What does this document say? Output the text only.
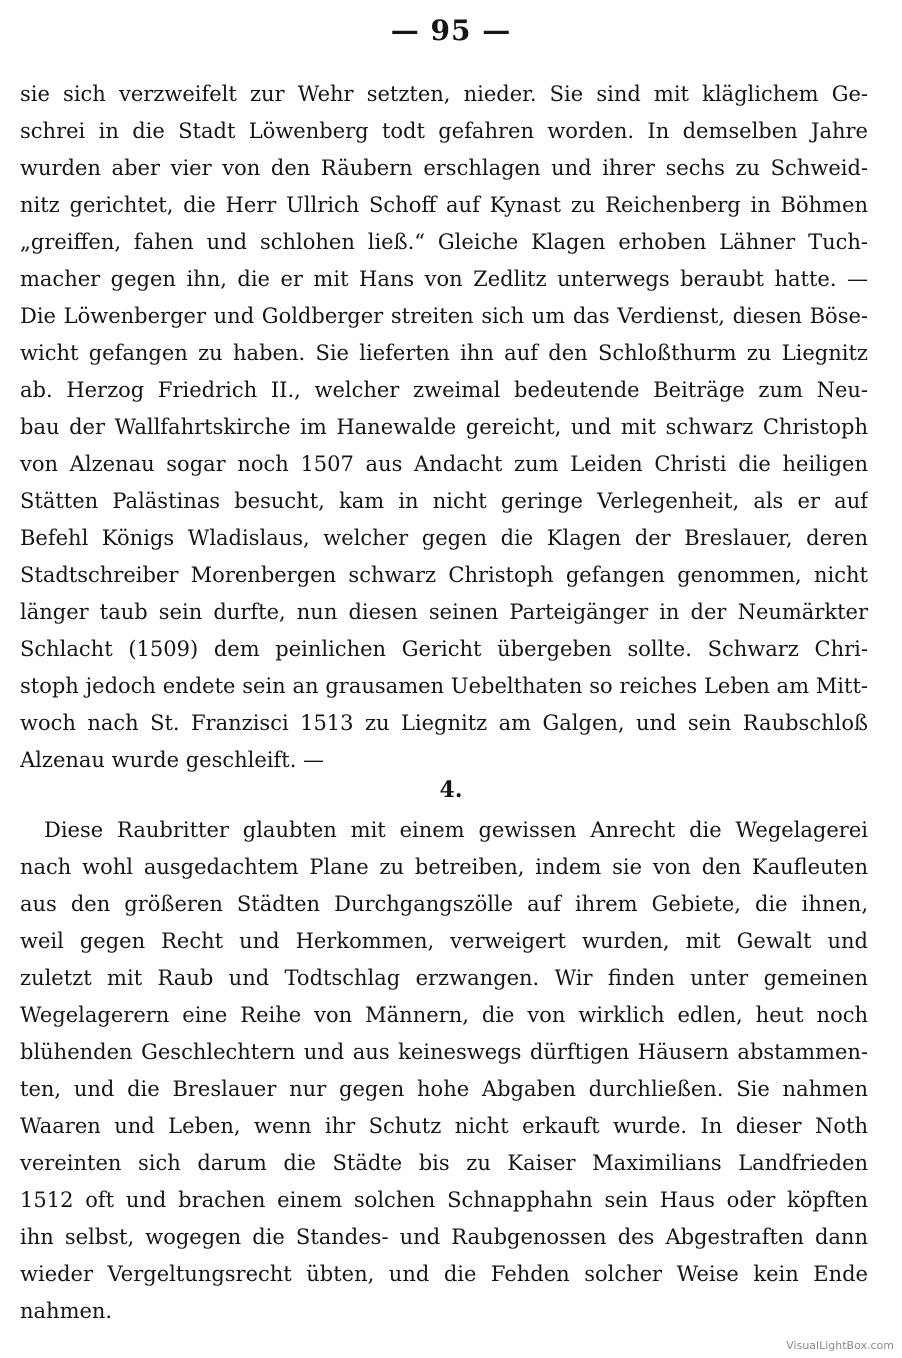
— 95 —
sie sich verzweifelt zur Wehr setzten, nieder. Sie sind mit kläglichem Ge-
schrei in die Stadt Löwenberg todt gefahren worden. In demselben Jahre
wurden aber vier von den Räubern erschlagen und ihrer sechs zu Schweid-
nitz gerichtet, die Herr Ullrich Schoff auf Kynast zu Reichenberg in Böhmen
„greiffen, fahen und schlohen ließ.“ Gleiche Klagen erhoben Lähner Tuch-
macher gegen ihn, die er mit Hans von Zedlitz unterwegs beraubt hatte. —
Die Löwenberger und Goldberger streiten sich um das Verdienst, diesen Böse-
wicht gefangen zu haben. Sie lieferten ihn auf den Schloßthurm zu Liegnitz
ab. Herzog Friedrich II., welcher zweimal bedeutende Beiträge zum Neu-
bau der Wallfahrtskirche im Hanewalde gereicht, und mit schwarz Christoph
von Alzenau sogar noch 1507 aus Andacht zum Leiden Christi die heiligen
Stätten Palästinas besucht, kam in nicht geringe Verlegenheit, als er auf
Befehl Königs Wladislaus, welcher gegen die Klagen der Breslauer, deren
Stadtschreiber Morenbergen schwarz Christoph gefangen genommen, nicht
länger taub sein durfte, nun diesen seinen Parteigänger in der Neumärkter
Schlacht (1509) dem peinlichen Gericht übergeben sollte. Schwarz Chri-
stoph jedoch endete sein an grausamen Uebelthaten so reiches Leben am Mitt-
woch nach St. Franzisci 1513 zu Liegnitz am Galgen, und sein Raubschloß
Alzenau wurde geschleift. —
4.
Diese Raubritter glaubten mit einem gewissen Anrecht die Wegelagerei
nach wohl ausgedachtem Plane zu betreiben, indem sie von den Kaufleuten
aus den größeren Städten Durchgangszölle auf ihrem Gebiete, die ihnen,
weil gegen Recht und Herkommen, verweigert wurden, mit Gewalt und
zuletzt mit Raub und Todtschlag erzwangen. Wir finden unter gemeinen
Wegelagerern eine Reihe von Männern, die von wirklich edlen, heut noch
blühenden Geschlechtern und aus keineswegs dürftigen Häusern abstammen-
ten, und die Breslauer nur gegen hohe Abgaben durchließen. Sie nahmen
Waaren und Leben, wenn ihr Schutz nicht erkauft wurde. In dieser Noth
vereinten sich darum die Städte bis zu Kaiser Maximilians Landfrieden
1512 oft und brachen einem solchen Schnapphahn sein Haus oder köpften
ihn selbst, wogegen die Standes- und Raubgenossen des Abgestraften dann
wieder Vergeltungsrecht übten, und die Fehden solcher Weise kein Ende
nahmen.
VisualLightBox.com
